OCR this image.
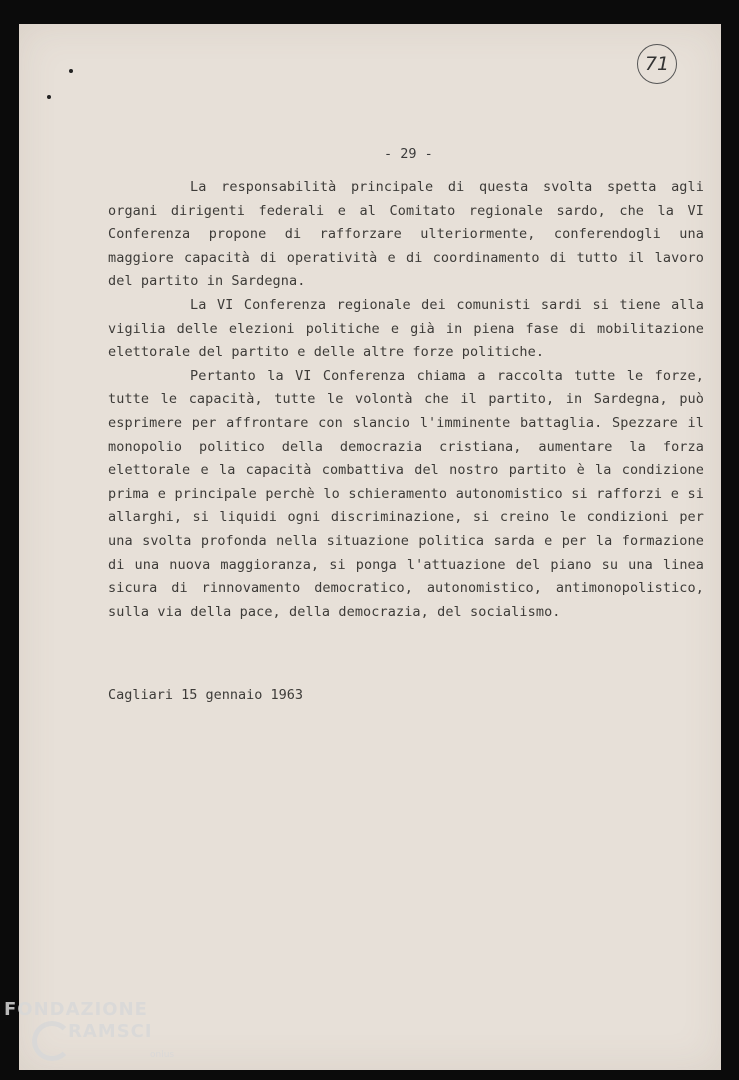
71
- 29 -

La responsabilità principale di questa svolta spetta agli organi dirigenti federali e al Comitato regionale sardo, che la VI Conferenza propone di rafforzare ulteriormente, conferendogli una maggiore capacità di operatività e di coordinamento di tutto il lavoro del partito in Sardegna.

La VI Conferenza regionale dei comunisti sardi si tiene alla vigilia delle elezioni politiche e già in piena fase di mobilitazione elettorale del partito e delle altre forze politiche.

Pertanto la VI Conferenza chiama a raccolta tutte le forze, tutte le capacità, tutte le volontà che il partito, in Sardegna, può esprimere per affrontare con slancio l'imminente battaglia. Spezzare il monopolio politico della democrazia cristiana, aumentare la forza elettorale e la capacità combattiva del nostro partito è la condizione prima e principale perchè lo schieramento autonomistico si rafforzi e si allarghi, si liquidi ogni discriminazione, si creino le condizioni per una svolta profonda nella situazione politica sarda e per la formazione di una nuova maggioranza, si ponga l'attuazione del piano su una linea sicura di rinnovamento democratico, autonomistico, antimonopolistico, sulla via della pace, della democrazia, del socialismo.

Cagliari 15 gennaio 1963
FONDAZIONE
RAMSCI
onlus
